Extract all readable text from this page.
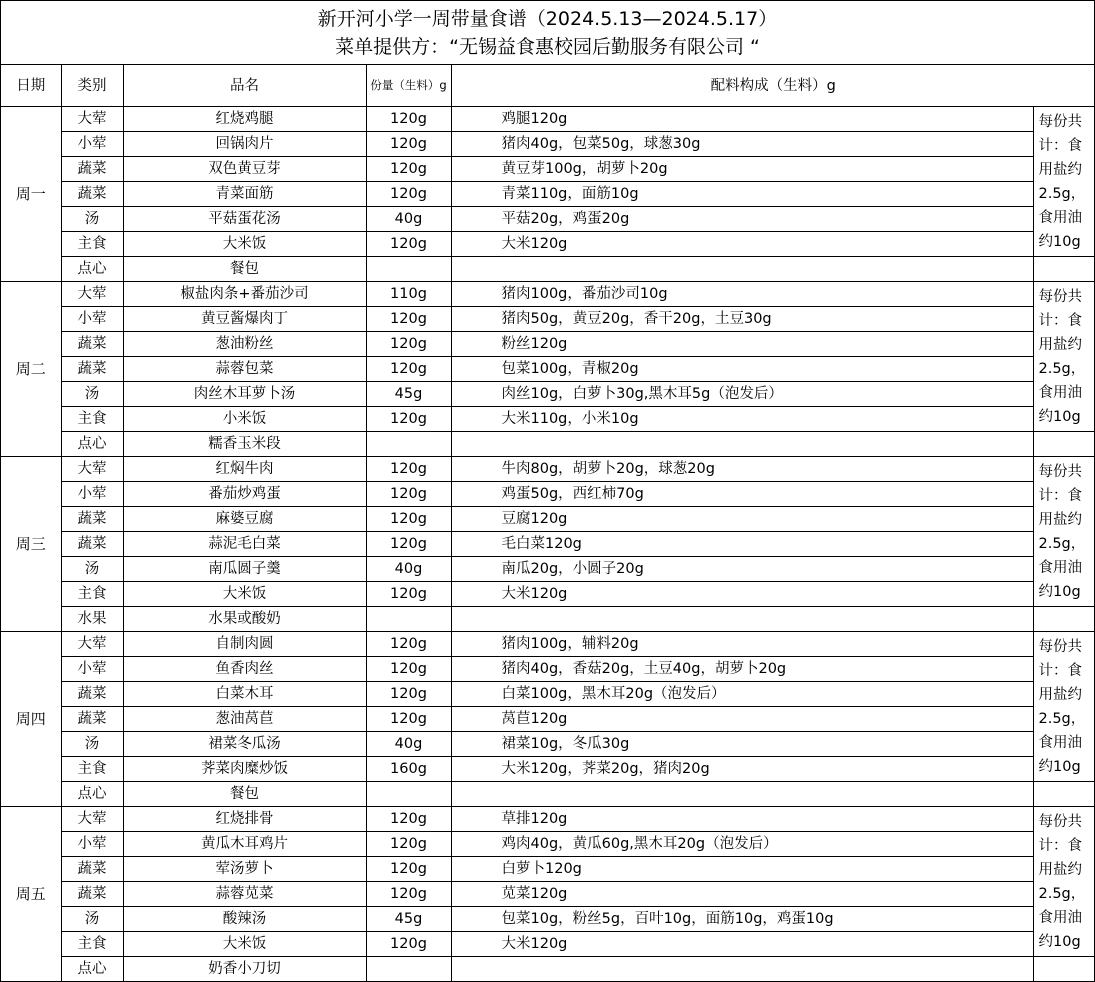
新开河小学一周带量食谱（2024.5.13—2024.5.17）
菜单提供方：“无锡益食惠校园后勤服务有限公司 “
日期	类别	品名	份量（生料）g	配料构成（生料）g	
周一	大荤	红烧鸡腿	120g	鸡腿120g	每份共计：食用盐约2.5g，食用油约10g
	小荤	回锅肉片	120g	猪肉40g，包菜50g，球葱30g	
	蔬菜	双色黄豆芽	120g	黄豆芽100g，胡萝卜20g	
	蔬菜	青菜面筋	120g	青菜110g，面筋10g	
	汤	平菇蛋花汤	40g	平菇20g，鸡蛋20g	
	主食	大米饭	120g	大米120g	
	点心	餐包			
周二	大荤	椒盐肉条+番茄沙司	110g	猪肉100g，番茄沙司10g	每份共计：食用盐约2.5g，食用油约10g
	小荤	黄豆酱爆肉丁	120g	猪肉50g，黄豆20g，香干20g，土豆30g	
	蔬菜	葱油粉丝	120g	粉丝120g	
	蔬菜	蒜蓉包菜	120g	包菜100g，青椒20g	
	汤	肉丝木耳萝卜汤	45g	肉丝10g，白萝卜30g,黑木耳5g（泡发后）	
	主食	小米饭	120g	大米110g，小米10g	
	点心	糯香玉米段			
周三	大荤	红焖牛肉	120g	牛肉80g，胡萝卜20g，球葱20g	每份共计：食用盐约2.5g，食用油约10g
	小荤	番茄炒鸡蛋	120g	鸡蛋50g，西红柿70g	
	蔬菜	麻婆豆腐	120g	豆腐120g	
	蔬菜	蒜泥毛白菜	120g	毛白菜120g	
	汤	南瓜圆子羹	40g	南瓜20g，小圆子20g	
	主食	大米饭	120g	大米120g	
	水果	水果或酸奶			
周四	大荤	自制肉圆	120g	猪肉100g，辅料20g	每份共计：食用盐约2.5g，食用油约10g
	小荤	鱼香肉丝	120g	猪肉40g，香菇20g，土豆40g，胡萝卜20g	
	蔬菜	白菜木耳	120g	白菜100g，黑木耳20g（泡发后）	
	蔬菜	葱油莴苣	120g	莴苣120g	
	汤	裙菜冬瓜汤	40g	裙菜10g，冬瓜30g	
	主食	荠菜肉糜炒饭	160g	大米120g，荠菜20g，猪肉20g	
	点心	餐包			
周五	大荤	红烧排骨	120g	草排120g	每份共计：食用盐约2.5g，食用油约10g
	小荤	黄瓜木耳鸡片	120g	鸡肉40g，黄瓜60g,黑木耳20g（泡发后）	
	蔬菜	荤汤萝卜	120g	白萝卜120g	
	蔬菜	蒜蓉苋菜	120g	苋菜120g	
	汤	酸辣汤	45g	包菜10g，粉丝5g，百叶10g，面筋10g，鸡蛋10g	
	主食	大米饭	120g	大米120g	
	点心	奶香小刀切			
